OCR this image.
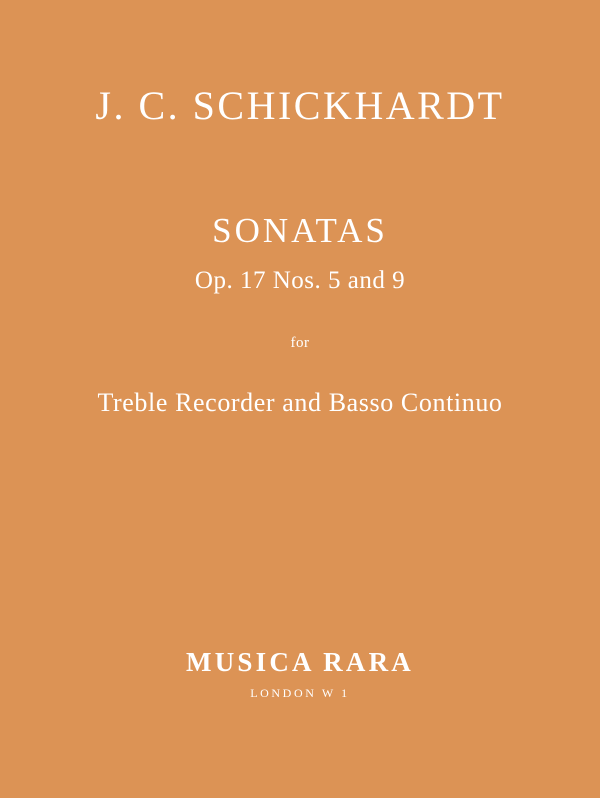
J. C. SCHICKHARDT
SONATAS
Op. 17 Nos. 5 and 9
for
Treble Recorder and Basso Continuo
MUSICA RARA
LONDON W 1
